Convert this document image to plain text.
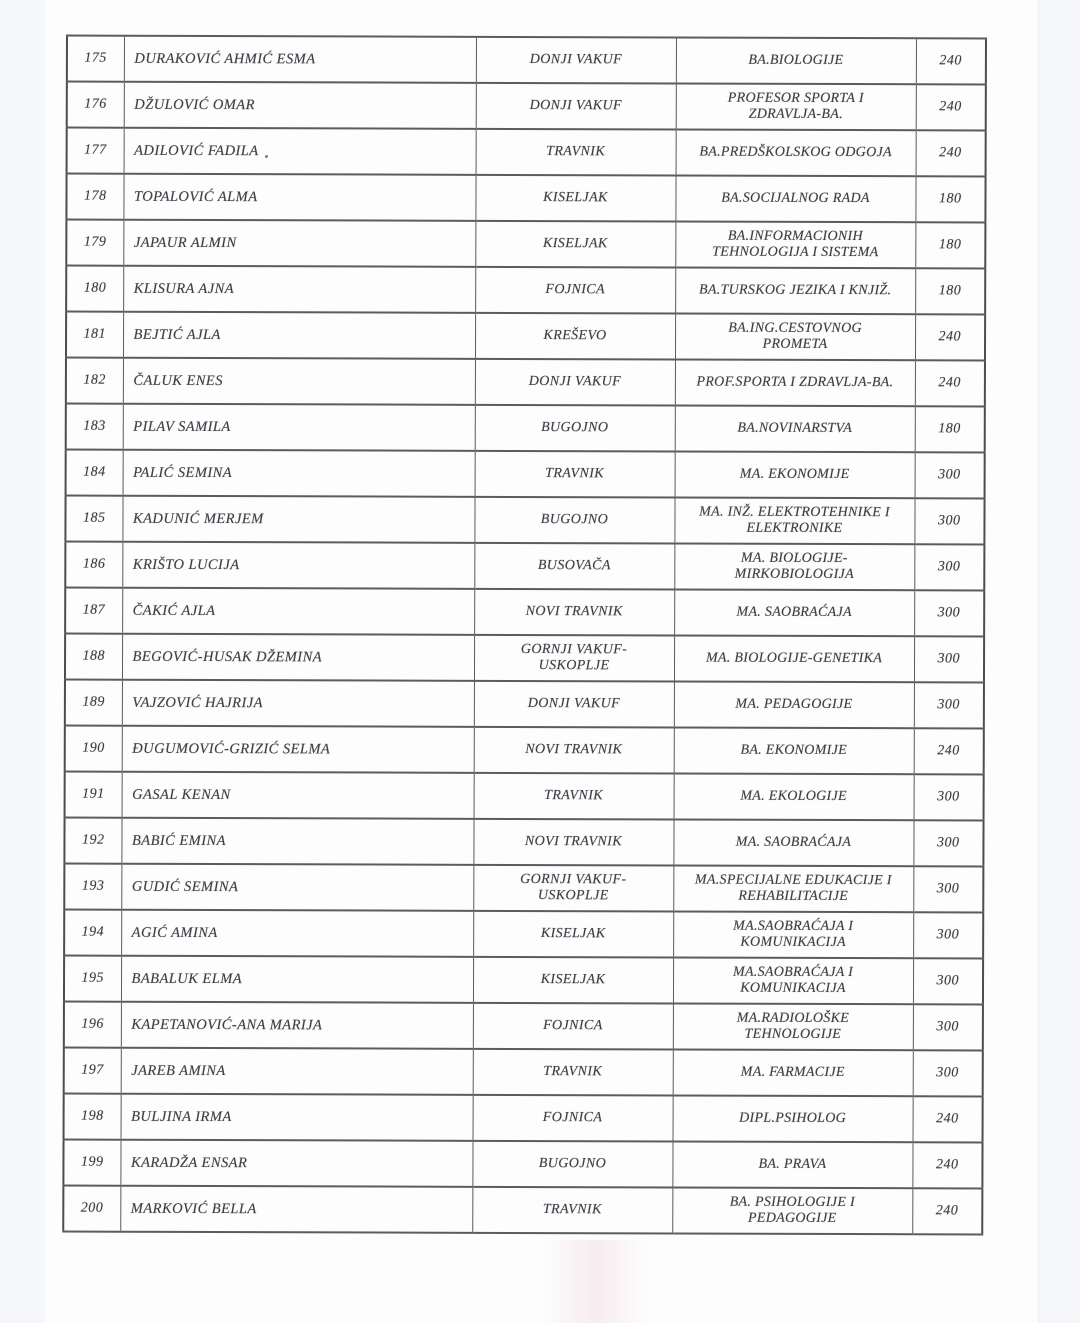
175	DURAKOVIĆ AHMIĆ ESMA	DONJI VAKUF	BA.BIOLOGIJE	240
176	DŽULOVIĆ OMAR	DONJI VAKUF	PROFESOR SPORTA I
ZDRAVLJA-BA.	240
177	ADILOVIĆ FADILA	TRAVNIK	BA.PREDŠKOLSKOG ODGOJA	240
178	TOPALOVIĆ ALMA	KISELJAK	BA.SOCIJALNOG RADA	180
179	JAPAUR ALMIN	KISELJAK	BA.INFORMACIONIH
TEHNOLOGIJA I SISTEMA	180
180	KLISURA AJNA	FOJNICA	BA.TURSKOG JEZIKA I KNJIŽ.	180
181	BEJTIĆ AJLA	KREŠEVO	BA.ING.CESTOVNOG
PROMETA	240
182	ČALUK ENES	DONJI VAKUF	PROF.SPORTA I ZDRAVLJA-BA.	240
183	PILAV SAMILA	BUGOJNO	BA.NOVINARSTVA	180
184	PALIĆ SEMINA	TRAVNIK	MA. EKONOMIJE	300
185	KADUNIĆ MERJEM	BUGOJNO	MA. INŽ. ELEKTROTEHNIKE I
ELEKTRONIKE	300
186	KRIŠTO LUCIJA	BUSOVAČA	MA. BIOLOGIJE-
MIRKOBIOLOGIJA	300
187	ČAKIĆ AJLA	NOVI TRAVNIK	MA. SAOBRAĆAJA	300
188	BEGOVIĆ-HUSAK DŽEMINA	GORNJI VAKUF-
USKOPLJE	MA. BIOLOGIJE-GENETIKA	300
189	VAJZOVIĆ HAJRIJA	DONJI VAKUF	MA. PEDAGOGIJE	300
190	ĐUGUMOVIĆ-GRIZIĆ SELMA	NOVI TRAVNIK	BA. EKONOMIJE	240
191	GASAL KENAN	TRAVNIK	MA. EKOLOGIJE	300
192	BABIĆ EMINA	NOVI TRAVNIK	MA. SAOBRAĆAJA	300
193	GUDIĆ SEMINA	GORNJI VAKUF-
USKOPLJE	MA.SPECIJALNE EDUKACIJE I
REHABILITACIJE	300
194	AGIĆ AMINA	KISELJAK	MA.SAOBRAĆAJA I
KOMUNIKACIJA	300
195	BABALUK ELMA	KISELJAK	MA.SAOBRAĆAJA I
KOMUNIKACIJA	300
196	KAPETANOVIĆ-ANA MARIJA	FOJNICA	MA.RADIOLOŠKE
TEHNOLOGIJE	300
197	JAREB AMINA	TRAVNIK	MA. FARMACIJE	300
198	BULJINA IRMA	FOJNICA	DIPL.PSIHOLOG	240
199	KARADŽA ENSAR	BUGOJNO	BA. PRAVA	240
200	MARKOVIĆ BELLA	TRAVNIK	BA. PSIHOLOGIJE I
PEDAGOGIJE	240
